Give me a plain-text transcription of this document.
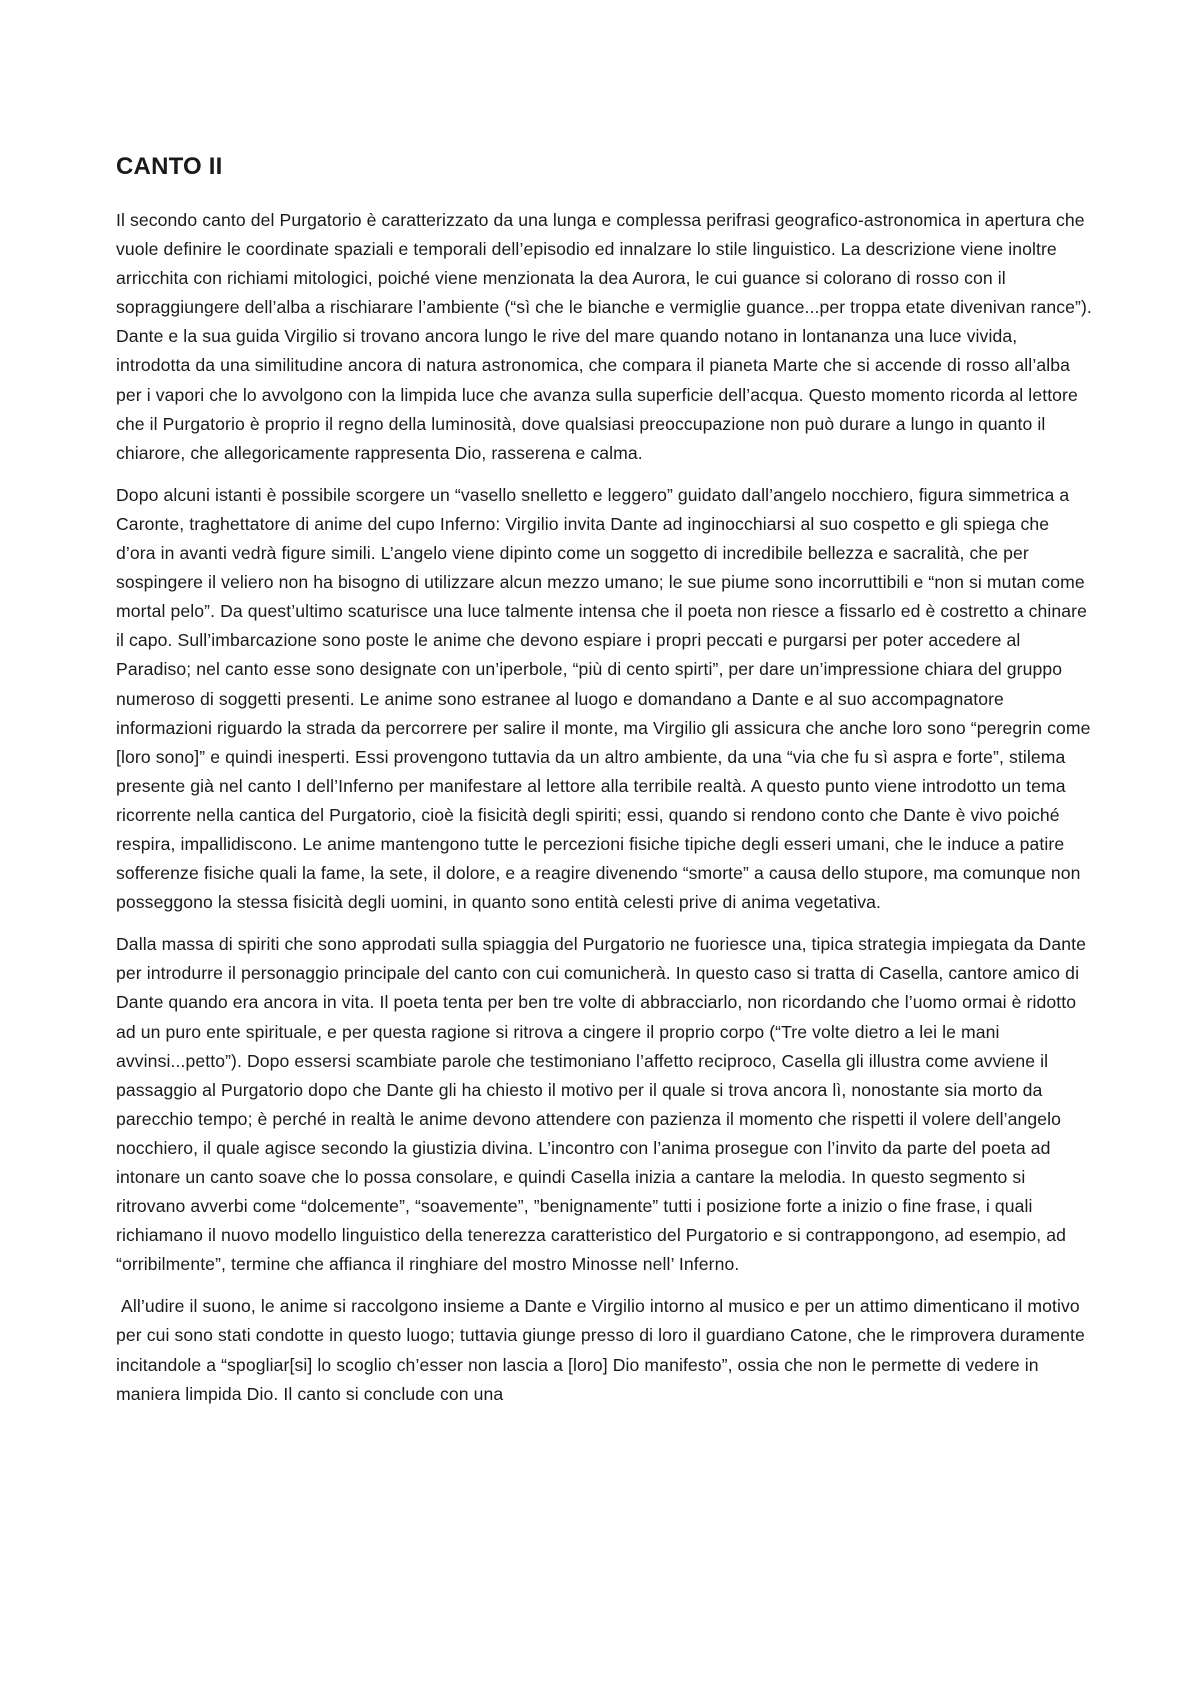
CANTO II

Il secondo canto del Purgatorio è caratterizzato da una lunga e complessa perifrasi geografico-astronomica in apertura che vuole definire le coordinate spaziali e temporali dell’episodio ed innalzare lo stile linguistico. La descrizione viene inoltre arricchita con richiami mitologici, poiché viene menzionata la dea Aurora, le cui guance si colorano di rosso con il sopraggiungere dell’alba a rischiarare l’ambiente (“sì che le bianche e vermiglie guance...per troppa etate divenivan rance”). Dante e la sua guida Virgilio si trovano ancora lungo le rive del mare quando notano in lontananza una luce vivida, introdotta da una similitudine ancora di natura astronomica, che compara il pianeta Marte che si accende di rosso all’alba per i vapori che lo avvolgono con la limpida luce che avanza sulla superficie dell’acqua. Questo momento ricorda al lettore che il Purgatorio è proprio il regno della luminosità, dove qualsiasi preoccupazione non può durare a lungo in quanto il chiarore, che allegoricamente rappresenta Dio, rasserena e calma.

Dopo alcuni istanti è possibile scorgere un “vasello snelletto e leggero” guidato dall’angelo nocchiero, figura simmetrica a Caronte, traghettatore di anime del cupo Inferno: Virgilio invita Dante ad inginocchiarsi al suo cospetto e gli spiega che d’ora in avanti vedrà figure simili. L’angelo viene dipinto come un soggetto di incredibile bellezza e sacralità, che per sospingere il veliero non ha bisogno di utilizzare alcun mezzo umano; le sue piume sono incorruttibili e “non si mutan come mortal pelo”. Da quest’ultimo scaturisce una luce talmente intensa che il poeta non riesce a fissarlo ed è costretto a chinare il capo. Sull’imbarcazione sono poste le anime che devono espiare i propri peccati e purgarsi per poter accedere al Paradiso; nel canto esse sono designate con un’iperbole, “più di cento spirti”, per dare un’impressione chiara del gruppo numeroso di soggetti presenti. Le anime sono estranee al luogo e domandano a Dante e al suo accompagnatore informazioni riguardo la strada da percorrere per salire il monte, ma Virgilio gli assicura che anche loro sono “peregrin come [loro sono]” e quindi inesperti. Essi provengono tuttavia da un altro ambiente, da una “via che fu sì aspra e forte”, stilema presente già nel canto I dell’Inferno per manifestare al lettore alla terribile realtà. A questo punto viene introdotto un tema ricorrente nella cantica del Purgatorio, cioè la fisicità degli spiriti; essi, quando si rendono conto che Dante è vivo poiché respira, impallidiscono. Le anime mantengono tutte le percezioni fisiche tipiche degli esseri umani, che le induce a patire sofferenze fisiche quali la fame, la sete, il dolore, e a reagire divenendo “smorte” a causa dello stupore, ma comunque non posseggono la stessa fisicità degli uomini, in quanto sono entità celesti prive di anima vegetativa.

Dalla massa di spiriti che sono approdati sulla spiaggia del Purgatorio ne fuoriesce una, tipica strategia impiegata da Dante per introdurre il personaggio principale del canto con cui comunicherà. In questo caso si tratta di Casella, cantore amico di Dante quando era ancora in vita. Il poeta tenta per ben tre volte di abbracciarlo, non ricordando che l’uomo ormai è ridotto ad un puro ente spirituale, e per questa ragione si ritrova a cingere il proprio corpo (“Tre volte dietro a lei le mani avvinsi...petto”). Dopo essersi scambiate parole che testimoniano l’affetto reciproco, Casella gli illustra come avviene il passaggio al Purgatorio dopo che Dante gli ha chiesto il motivo per il quale si trova ancora lì, nonostante sia morto da parecchio tempo; è perché in realtà le anime devono attendere con pazienza il momento che rispetti il volere dell’angelo nocchiero, il quale agisce secondo la giustizia divina. L’incontro con l’anima prosegue con l’invito da parte del poeta ad intonare un canto soave che lo possa consolare, e quindi Casella inizia a cantare la melodia. In questo segmento si ritrovano avverbi come “dolcemente”, “soavemente”, ”benignamente” tutti i posizione forte a inizio o fine frase, i quali richiamano il nuovo modello linguistico della tenerezza caratteristico del Purgatorio e si contrappongono, ad esempio, ad “orribilmente”, termine che affianca il ringhiare del mostro Minosse nell’ Inferno.

All’udire il suono, le anime si raccolgono insieme a Dante e Virgilio intorno al musico e per un attimo dimenticano il motivo per cui sono stati condotte in questo luogo; tuttavia giunge presso di loro il guardiano Catone, che le rimprovera duramente incitandole a “spogliar[si] lo scoglio ch’esser non lascia a [loro] Dio manifesto”, ossia che non le permette di vedere in maniera limpida Dio. Il canto si conclude con una
